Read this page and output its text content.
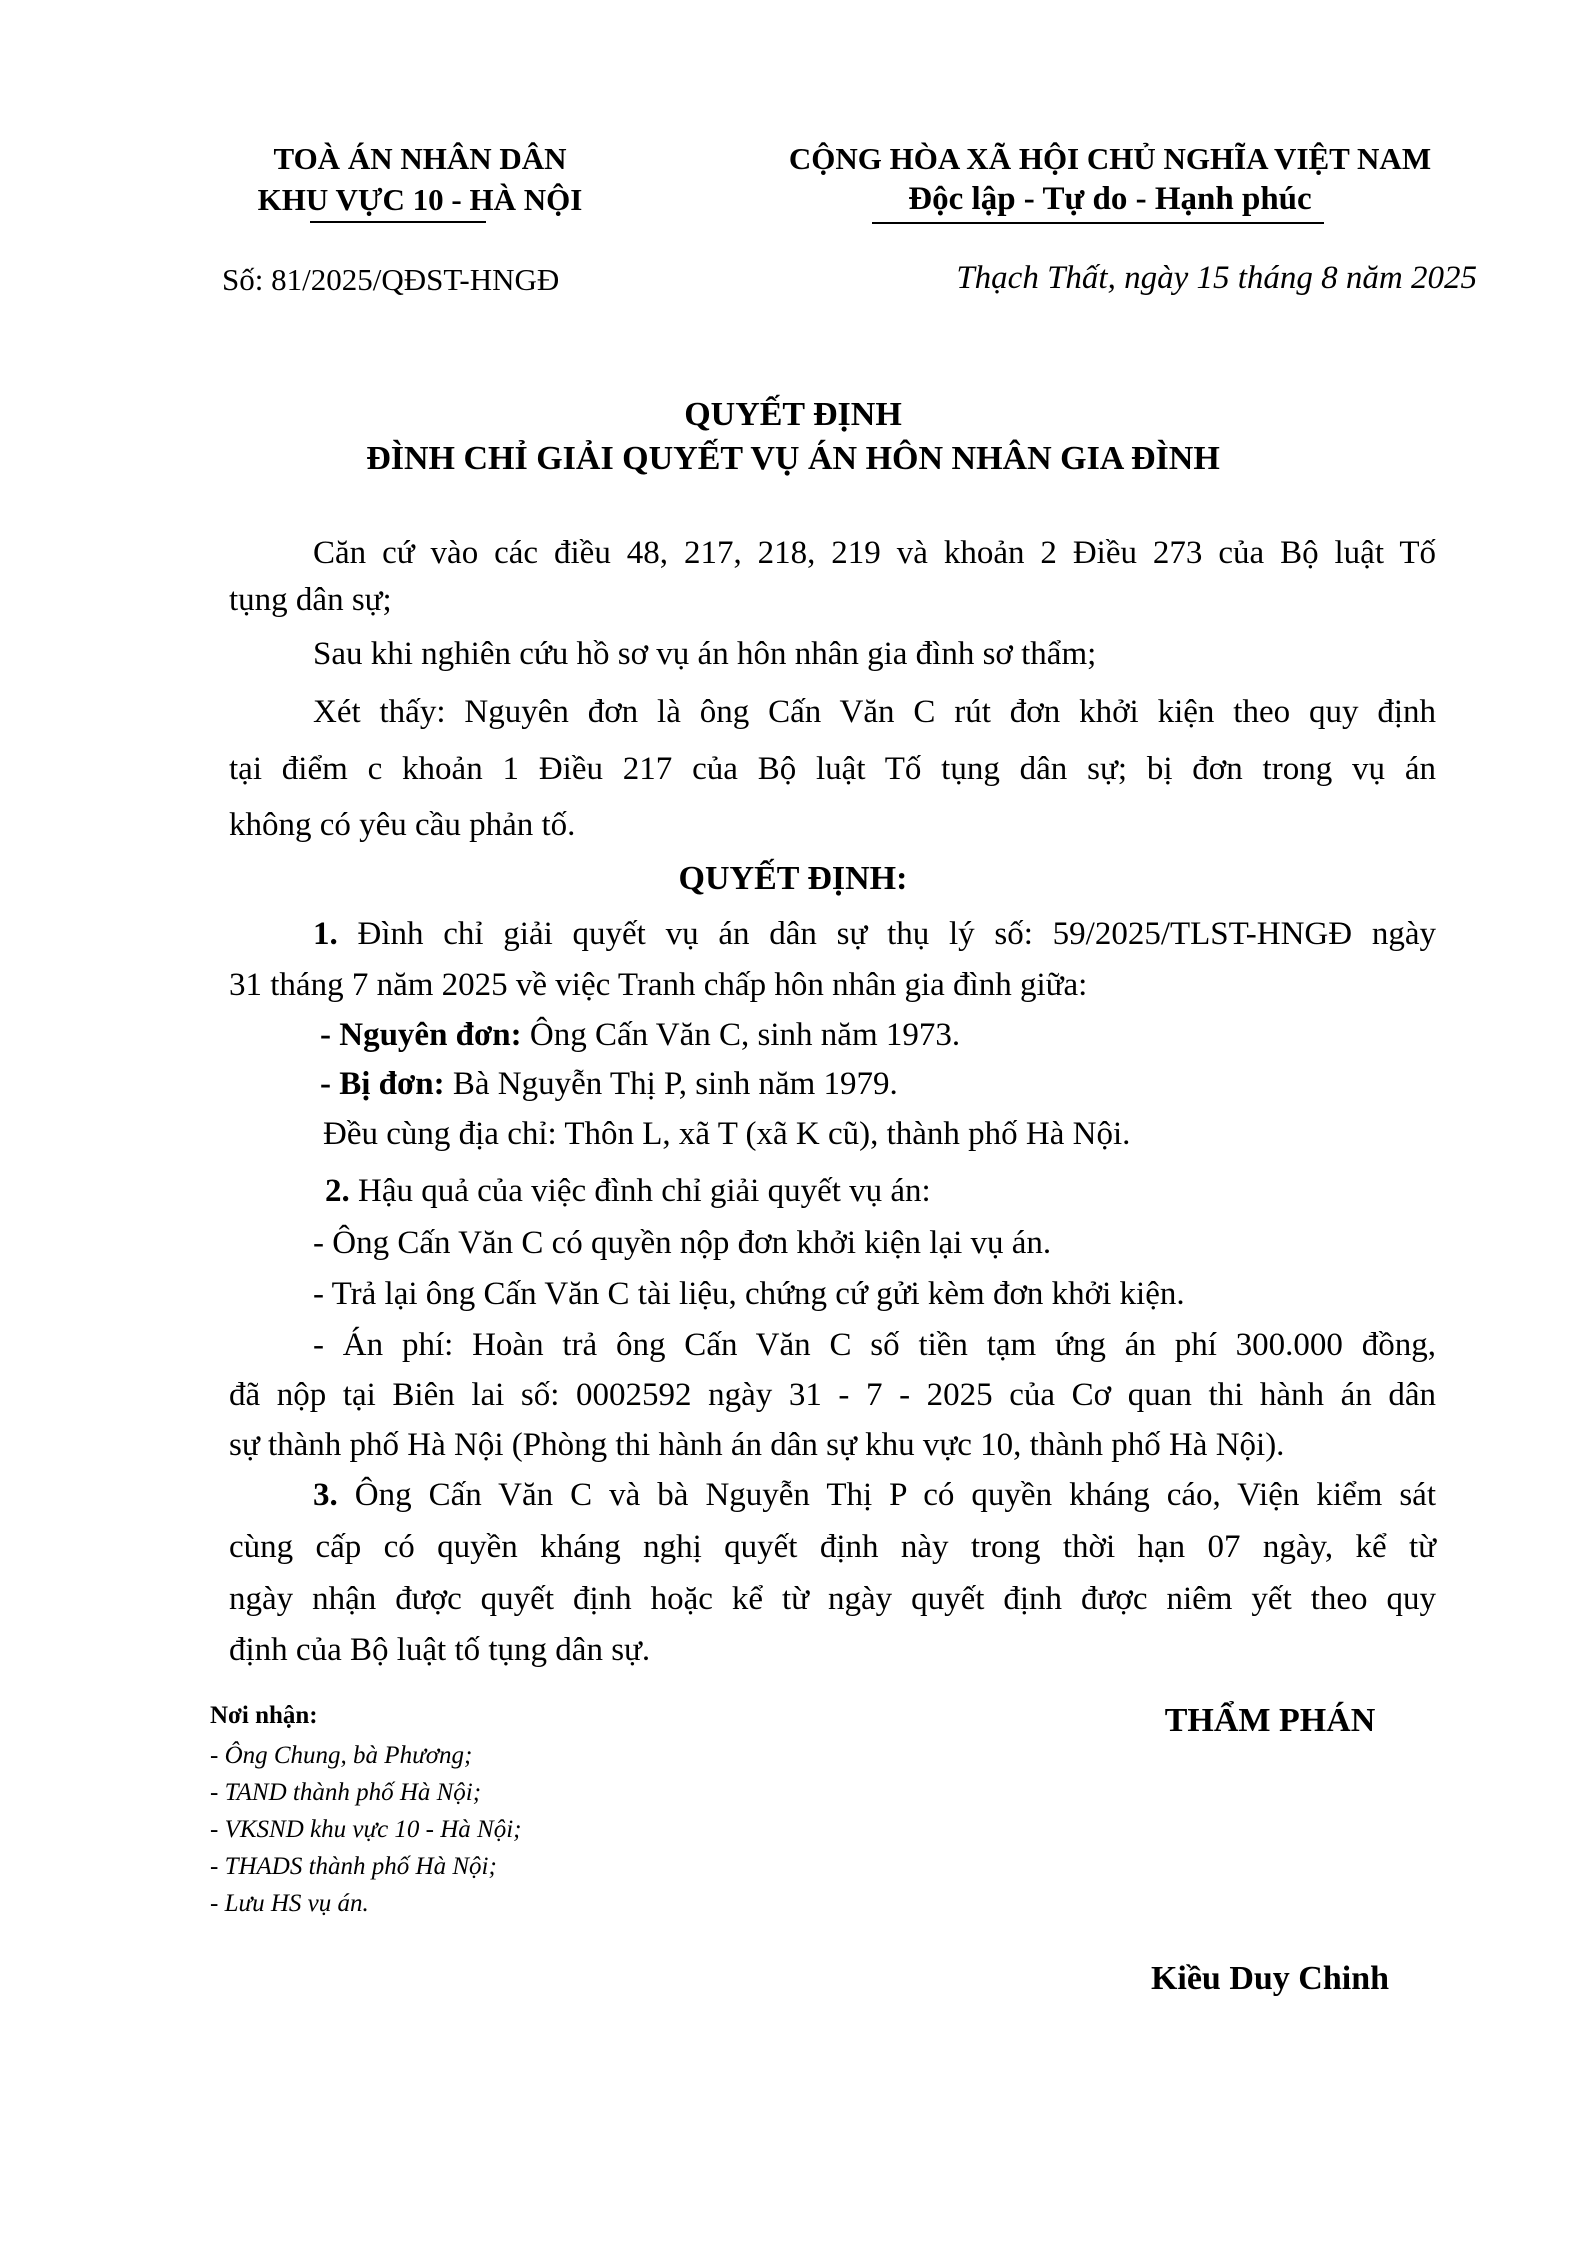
TOÀ ÁN NHÂN DÂN
KHU VỰC 10 - HÀ NỘI
CỘNG HÒA XÃ HỘI CHỦ NGHĨA VIỆT NAM
Độc lập - Tự do - Hạnh phúc
Số: 81/2025/QĐST-HNGĐ	Thạch Thất, ngày 15 tháng 8 năm 2025
QUYẾT ĐỊNH
ĐÌNH CHỈ GIẢI QUYẾT VỤ ÁN HÔN NHÂN GIA ĐÌNH
Căn cứ vào các điều 48, 217, 218, 219 và khoản 2 Điều 273 của Bộ luật Tố
tụng dân sự;
Sau khi nghiên cứu hồ sơ vụ án hôn nhân gia đình sơ thẩm;
Xét thấy: Nguyên đơn là ông Cấn Văn C rút đơn khởi kiện theo quy định
tại điểm c khoản 1 Điều 217 của Bộ luật Tố tụng dân sự; bị đơn trong vụ án
không có yêu cầu phản tố.
QUYẾT ĐỊNH:
1. Đình chỉ giải quyết vụ án dân sự thụ lý số: 59/2025/TLST-HNGĐ ngày
31 tháng 7 năm 2025 về việc Tranh chấp hôn nhân gia đình giữa:
- Nguyên đơn: Ông Cấn Văn C, sinh năm 1973.
- Bị đơn: Bà Nguyễn Thị P, sinh năm 1979.
Đều cùng địa chỉ: Thôn L, xã T (xã K cũ), thành phố Hà Nội.
2. Hậu quả của việc đình chỉ giải quyết vụ án:
- Ông Cấn Văn C có quyền nộp đơn khởi kiện lại vụ án.
- Trả lại ông Cấn Văn C tài liệu, chứng cứ gửi kèm đơn khởi kiện.
- Án phí: Hoàn trả ông Cấn Văn C số tiền tạm ứng án phí 300.000 đồng,
đã nộp tại Biên lai số: 0002592 ngày 31 - 7 - 2025 của Cơ quan thi hành án dân
sự thành phố Hà Nội (Phòng thi hành án dân sự khu vực 10, thành phố Hà Nội).
3. Ông Cấn Văn C và bà Nguyễn Thị P có quyền kháng cáo, Viện kiểm sát
cùng cấp có quyền kháng nghị quyết định này trong thời hạn 07 ngày, kể từ
ngày nhận được quyết định hoặc kể từ ngày quyết định được niêm yết theo quy
định của Bộ luật tố tụng dân sự.
Nơi nhận:
- Ông Chung, bà Phương;
- TAND thành phố Hà Nội;
- VKSND khu vực 10 - Hà Nội;
- THADS thành phố Hà Nội;
- Lưu HS vụ án.
THẨM PHÁN
Kiều Duy Chinh
